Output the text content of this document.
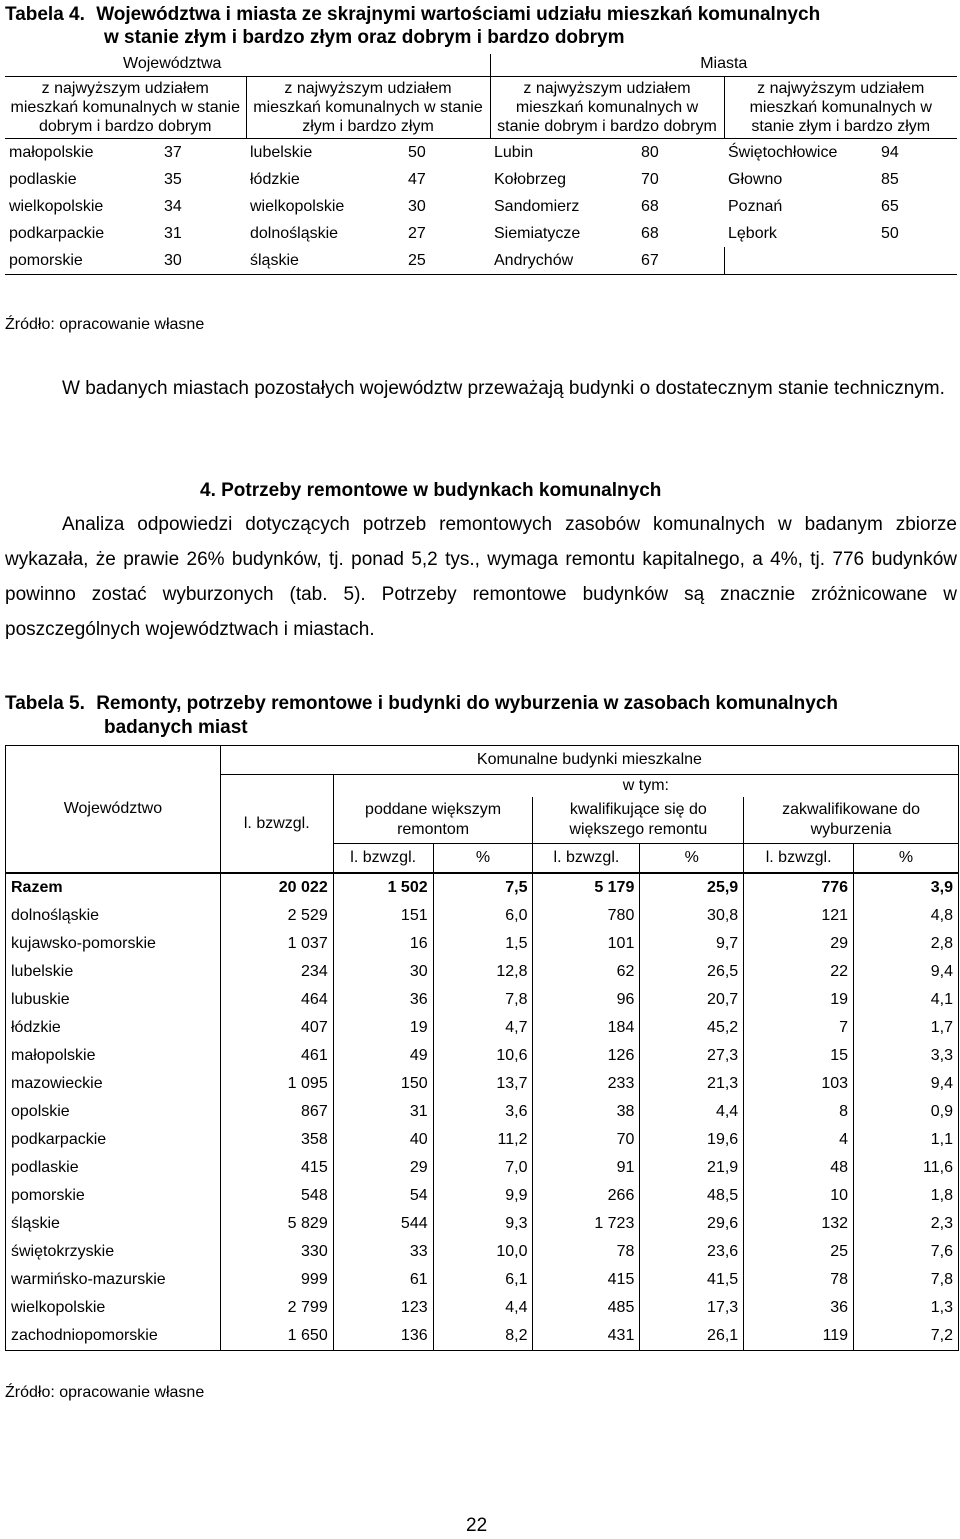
Tabela 4. Województwa i miasta ze skrajnymi wartościami udziału mieszkań komunalnych
w stanie złym i bardzo złym oraz dobrym i bardzo dobrym
Województwa				Miasta			
z najwyższym udziałem mieszkań komunalnych w stanie dobrym i bardzo dobrym		z najwyższym udziałem mieszkań komunalnych w stanie złym i bardzo złym		z najwyższym udziałem mieszkań komunalnych w stanie dobrym i bardzo dobrym		z najwyższym udziałem mieszkań komunalnych w stanie złym i bardzo złym	
małopolskie	37	lubelskie	50	Lubin	80	Świętochłowice	94
podlaskie	35	łódzkie	47	Kołobrzeg	70	Głowno	85
wielkopolskie	34	wielkopolskie	30	Sandomierz	68	Poznań	65
podkarpackie	31	dolnośląskie	27	Siemiatycze	68	Lębork	50
pomorskie	30	śląskie	25	Andrychów	67		
Źródło: opracowanie własne
W badanych miastach pozostałych województw przeważają budynki o dostatecznym stanie technicznym.
4. Potrzeby remontowe w budynkach komunalnych
Analiza odpowiedzi dotyczących potrzeb remontowych zasobów komunalnych w badanym zbiorze wykazała, że prawie 26% budynków, tj. ponad 5,2 tys., wymaga remontu kapitalnego, a 4%, tj. 776 budynków powinno zostać wyburzonych (tab. 5). Potrzeby remontowe budynków są znacznie zróżnicowane w poszczególnych województwach i miastach.
Tabela 5. Remonty, potrzeby remontowe i budynki do wyburzenia w zasobach komunalnych
badanych miast
Województwo	Komunalne budynki mieszkalne						
	l. bzwzgl.	w tym:					
		poddane większym remontom		kwalifikujące się do większego remontu		zakwalifikowane do wyburzenia	
		l. bzwzgl.	%	l. bzwzgl.	%	l. bzwzgl.	%
Razem	20 022	1 502	7,5	5 179	25,9	776	3,9
dolnośląskie	2 529	151	6,0	780	30,8	121	4,8
kujawsko-pomorskie	1 037	16	1,5	101	9,7	29	2,8
lubelskie	234	30	12,8	62	26,5	22	9,4
lubuskie	464	36	7,8	96	20,7	19	4,1
łódzkie	407	19	4,7	184	45,2	7	1,7
małopolskie	461	49	10,6	126	27,3	15	3,3
mazowieckie	1 095	150	13,7	233	21,3	103	9,4
opolskie	867	31	3,6	38	4,4	8	0,9
podkarpackie	358	40	11,2	70	19,6	4	1,1
podlaskie	415	29	7,0	91	21,9	48	11,6
pomorskie	548	54	9,9	266	48,5	10	1,8
śląskie	5 829	544	9,3	1 723	29,6	132	2,3
świętokrzyskie	330	33	10,0	78	23,6	25	7,6
warmińsko-mazurskie	999	61	6,1	415	41,5	78	7,8
wielkopolskie	2 799	123	4,4	485	17,3	36	1,3
zachodniopomorskie	1 650	136	8,2	431	26,1	119	7,2
Źródło: opracowanie własne
22
